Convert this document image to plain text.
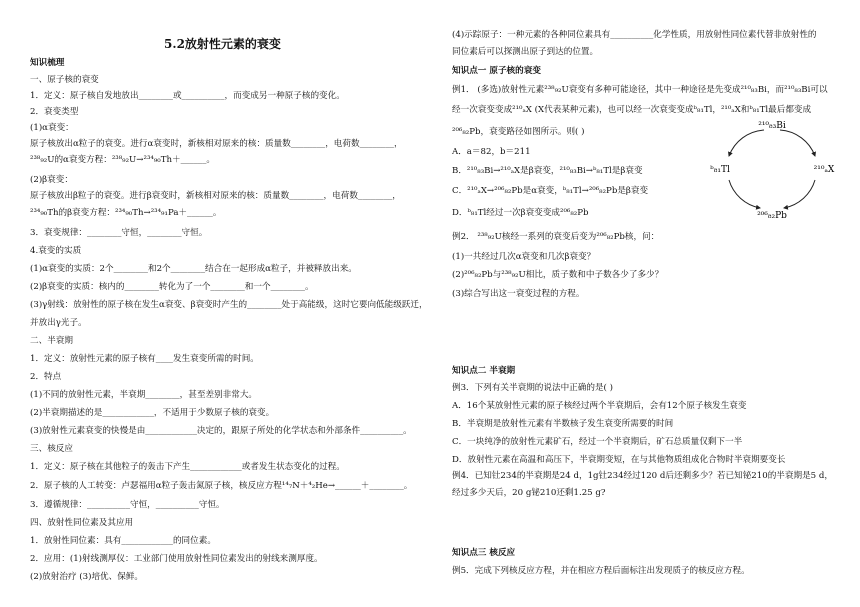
5.2放射性元素的衰变
知识梳理
一、原子核的衰变
1．定义：原子核自发地放出________或__________，而变成另一种原子核的变化。
2．衰变类型
(1)α衰变：
原子核放出α粒子的衰变。进行α衰变时，新核相对原来的核：质量数________，电荷数________，
²³⁸₉₂U的α衰变方程：²³⁸₉₂U→²³⁴₉₀Th＋______。
(2)β衰变：
原子核放出β粒子的衰变。进行β衰变时，新核相对原来的核：质量数________，电荷数________，
²³⁴₉₀Th的β衰变方程：²³⁴₉₀Th→²³⁴₉₁Pa＋______。
3．衰变规律：________守恒，________守恒。
4.衰变的实质
(1)α衰变的实质：2个________和2个________结合在一起形成α粒子，并被释放出来。
(2)β衰变的实质：核内的________转化为了一个________和一个________。
(3)γ射线：放射性的原子核在发生α衰变、β衰变时产生的________处于高能级，这时它要向低能级跃迁，
并放出γ光子。
二、半衰期
1．定义：放射性元素的原子核有____发生衰变所需的时间。
2．特点
(1)不同的放射性元素，半衰期________，甚至差别非常大。
(2)半衰期描述的是____________，不适用于少数原子核的衰变。
(3)放射性元素衰变的快慢是由____________决定的，跟原子所处的化学状态和外部条件__________。
三、核反应
1．定义：原子核在其他粒子的轰击下产生____________或者发生状态变化的过程。
2．原子核的人工转变：卢瑟福用α粒子轰击氮原子核，核反应方程¹⁴₇N＋⁴₂He→______＋________。
3．遵循规律：__________守恒，__________守恒。
四、放射性同位素及其应用
1．放射性同位素：具有____________的同位素。
2．应用：(1)射线测厚仪：工业部门使用放射性同位素发出的射线来测厚度。
(2)放射治疗 (3)培优、保鲜。
(4)示踪原子：一种元素的各种同位素具有__________化学性质，用放射性同位素代替非放射性的
同位素后可以探测出原子到达的位置。
知识点一 原子核的衰变
例1． (多选)放射性元素²³⁸₉₂U衰变有多种可能途径，其中一种途径是先变成²¹⁰₈₃Bi，而²¹⁰₈₃Bi可以
经一次衰变变成²¹⁰ₐX (X代表某种元素)，也可以经一次衰变变成ᵇ₈₁Tl，²¹⁰ₐX和ᵇ₈₁Tl最后都变成
²⁰⁶₈₂Pb，衰变路径如图所示。则( )
A．a＝82，b＝211
B．²¹⁰₈₃Bi→²¹⁰ₐX是β衰变，²¹⁰₈₃Bi→ᵇ₈₁Tl是β衰变
C．²¹⁰ₐX→²⁰⁶₈₂Pb是α衰变，ᵇ₈₁Tl→²⁰⁶₈₂Pb是β衰变
D．ᵇ₈₁Tl经过一次β衰变变成²⁰⁶₈₂Pb
例2． ²³⁸₉₂U核经一系列的衰变后变为²⁰⁶₈₂Pb核，问：
(1)一共经过几次α衰变和几次β衰变？
(2)²⁰⁶₈₂Pb与²³⁸₉₂U相比，质子数和中子数各少了多少？
(3)综合写出这一衰变过程的方程。
知识点二 半衰期
例3．下列有关半衰期的说法中正确的是( )
A．16个某放射性元素的原子核经过两个半衰期后，会有12个原子核发生衰变
B．半衰期是放射性元素有半数核子发生衰变所需要的时间
C．一块纯净的放射性元素矿石，经过一个半衰期后，矿石总质量仅剩下一半
D．放射性元素在高温和高压下，半衰期变短，在与其他物质组成化合物时半衰期要变长
例4．已知钍234的半衰期是24 d，1g钍234经过120 d后还剩多少？若已知铋210的半衰期是5 d，
经过多少天后，20 g铋210还剩1.25 g?
知识点三 核反应
例5．完成下列核反应方程，并在相应方程后面标注出发现质子的核反应方程。
²¹⁰₈₃Bi
ᵇ₈₁Tl	²¹⁰ₐX
²⁰⁶₈₂Pb
